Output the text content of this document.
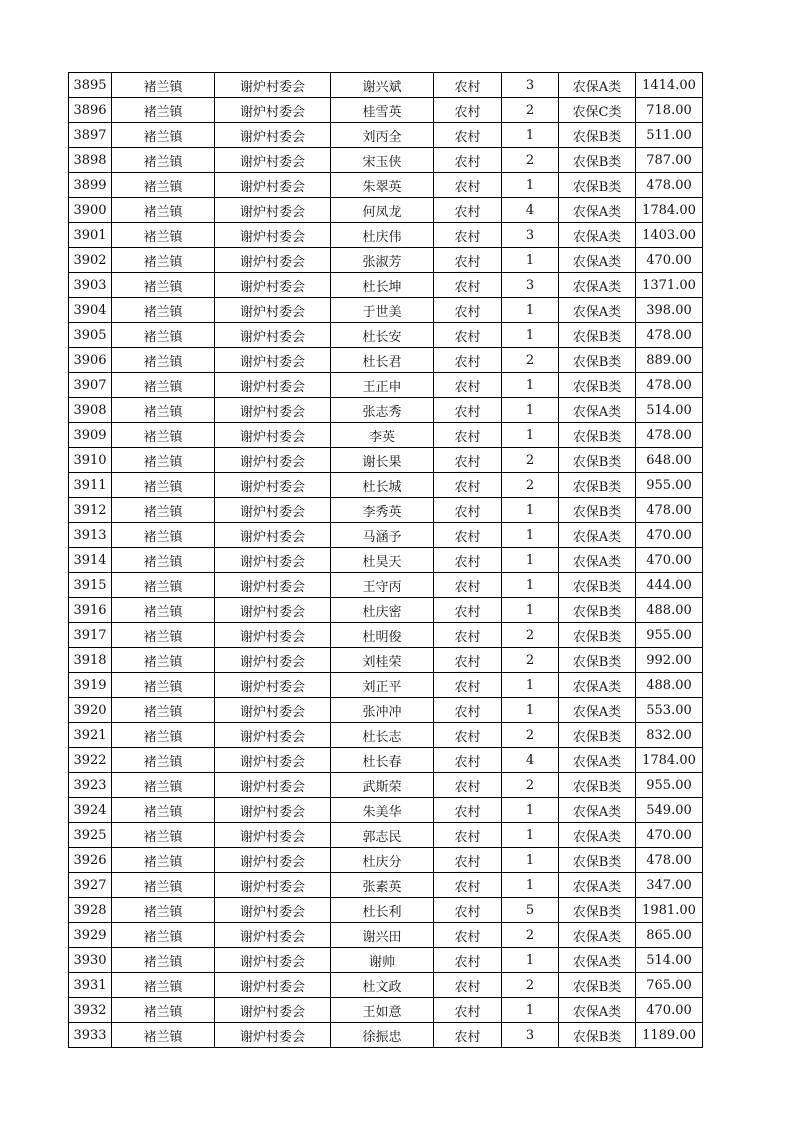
3895	褚兰镇	谢炉村委会	谢兴斌	农村	3	农保A类	1414.00
3896	褚兰镇	谢炉村委会	桂雪英	农村	2	农保C类	718.00
3897	褚兰镇	谢炉村委会	刘丙全	农村	1	农保B类	511.00
3898	褚兰镇	谢炉村委会	宋玉侠	农村	2	农保B类	787.00
3899	褚兰镇	谢炉村委会	朱翠英	农村	1	农保B类	478.00
3900	褚兰镇	谢炉村委会	何凤龙	农村	4	农保A类	1784.00
3901	褚兰镇	谢炉村委会	杜庆伟	农村	3	农保A类	1403.00
3902	褚兰镇	谢炉村委会	张淑芳	农村	1	农保A类	470.00
3903	褚兰镇	谢炉村委会	杜长坤	农村	3	农保A类	1371.00
3904	褚兰镇	谢炉村委会	于世美	农村	1	农保A类	398.00
3905	褚兰镇	谢炉村委会	杜长安	农村	1	农保B类	478.00
3906	褚兰镇	谢炉村委会	杜长君	农村	2	农保B类	889.00
3907	褚兰镇	谢炉村委会	王正申	农村	1	农保B类	478.00
3908	褚兰镇	谢炉村委会	张志秀	农村	1	农保A类	514.00
3909	褚兰镇	谢炉村委会	李英	农村	1	农保B类	478.00
3910	褚兰镇	谢炉村委会	谢长果	农村	2	农保B类	648.00
3911	褚兰镇	谢炉村委会	杜长城	农村	2	农保B类	955.00
3912	褚兰镇	谢炉村委会	李秀英	农村	1	农保B类	478.00
3913	褚兰镇	谢炉村委会	马涵予	农村	1	农保A类	470.00
3914	褚兰镇	谢炉村委会	杜昊天	农村	1	农保A类	470.00
3915	褚兰镇	谢炉村委会	王守丙	农村	1	农保B类	444.00
3916	褚兰镇	谢炉村委会	杜庆密	农村	1	农保B类	488.00
3917	褚兰镇	谢炉村委会	杜明俊	农村	2	农保B类	955.00
3918	褚兰镇	谢炉村委会	刘桂荣	农村	2	农保B类	992.00
3919	褚兰镇	谢炉村委会	刘正平	农村	1	农保A类	488.00
3920	褚兰镇	谢炉村委会	张冲冲	农村	1	农保A类	553.00
3921	褚兰镇	谢炉村委会	杜长志	农村	2	农保B类	832.00
3922	褚兰镇	谢炉村委会	杜长春	农村	4	农保A类	1784.00
3923	褚兰镇	谢炉村委会	武斯荣	农村	2	农保B类	955.00
3924	褚兰镇	谢炉村委会	朱美华	农村	1	农保A类	549.00
3925	褚兰镇	谢炉村委会	郭志民	农村	1	农保A类	470.00
3926	褚兰镇	谢炉村委会	杜庆分	农村	1	农保B类	478.00
3927	褚兰镇	谢炉村委会	张素英	农村	1	农保A类	347.00
3928	褚兰镇	谢炉村委会	杜长利	农村	5	农保B类	1981.00
3929	褚兰镇	谢炉村委会	谢兴田	农村	2	农保A类	865.00
3930	褚兰镇	谢炉村委会	谢帅	农村	1	农保A类	514.00
3931	褚兰镇	谢炉村委会	杜文政	农村	2	农保B类	765.00
3932	褚兰镇	谢炉村委会	王如意	农村	1	农保A类	470.00
3933	褚兰镇	谢炉村委会	徐振忠	农村	3	农保B类	1189.00
